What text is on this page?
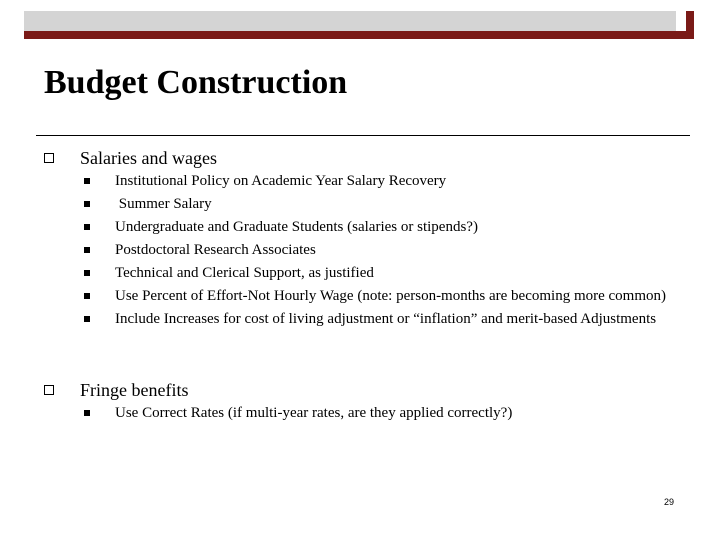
Budget Construction
Salaries and wages
Institutional Policy on Academic Year Salary Recovery
Summer Salary
Undergraduate and Graduate Students (salaries or stipends?)
Postdoctoral Research Associates
Technical and Clerical Support, as justified
Use Percent of Effort-Not Hourly Wage (note: person-months are becoming more common)
Include Increases for cost of living adjustment or “inflation” and merit-based Adjustments
Fringe benefits
Use Correct Rates (if multi-year rates, are they applied correctly?)
29
